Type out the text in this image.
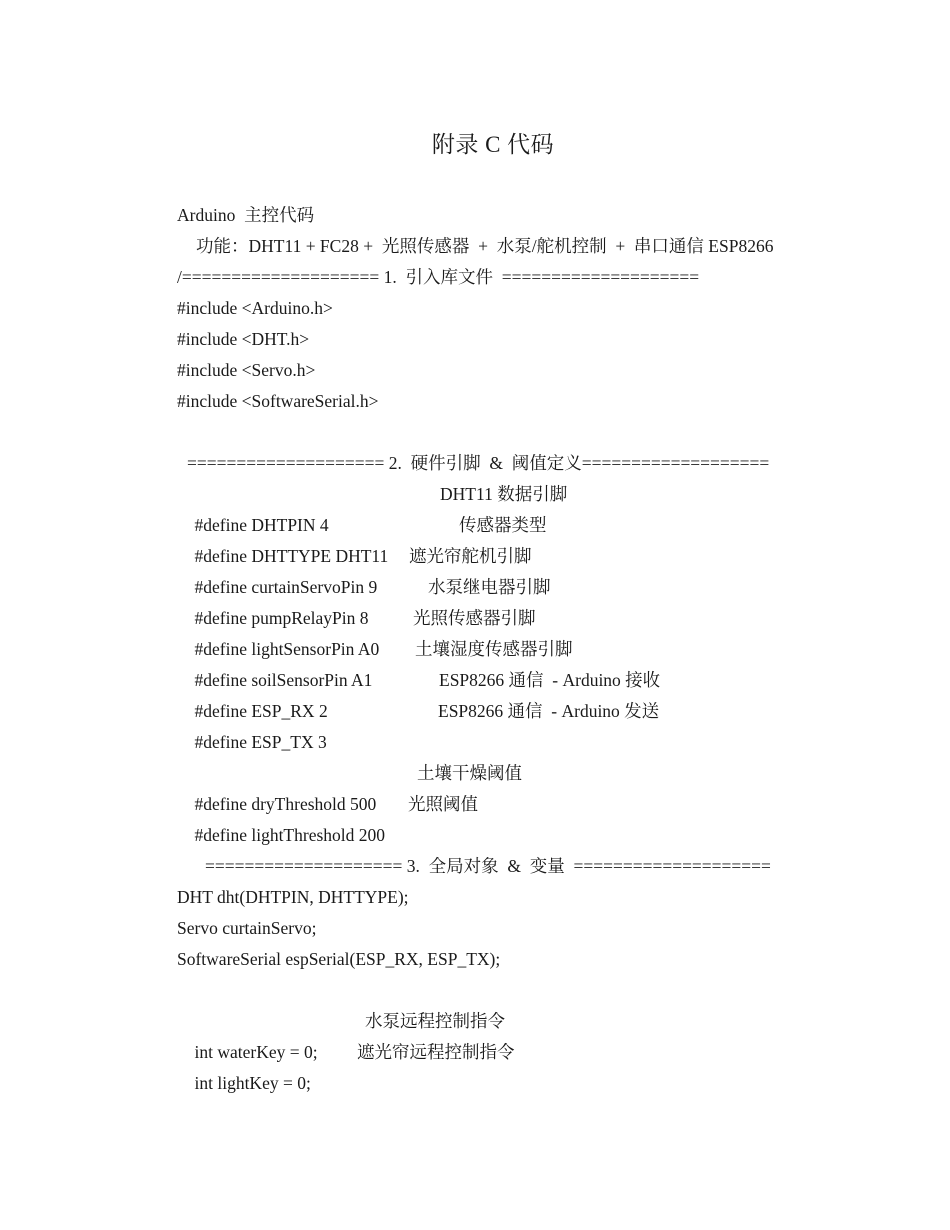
附录 C 代码
Arduino  主控代码
功能：DHT11 + FC28 +  光照传感器  +  水泵/舵机控制  +  串口通信 ESP8266
/==================== 1.  引入库文件  ====================
#include <Arduino.h>
#include <DHT.h>
#include <Servo.h>
#include <SoftwareSerial.h>
==================== 2.  硬件引脚  &  阈值定义===================

#define DHTPIN 4

DHT11 数据引脚

#define DHTTYPE DHT11

传感器类型

#define curtainServoPin 9

遮光帘舵机引脚

#define pumpRelayPin 8

水泵继电器引脚

#define lightSensorPin A0

光照传感器引脚

#define soilSensorPin A1

土壤湿度传感器引脚

#define ESP_RX 2

ESP8266 通信  - Arduino 接收

#define ESP_TX 3

ESP8266 通信  - Arduino 发送

#define dryThreshold 500

土壤干燥阈值

#define lightThreshold 200

光照阈值

==================== 3.  全局对象  &  变量  ====================
DHT dht(DHTPIN, DHTTYPE);
Servo curtainServo;
SoftwareSerial espSerial(ESP_RX, ESP_TX);

int waterKey = 0;

水泵远程控制指令

int lightKey = 0;

遮光帘远程控制指令
